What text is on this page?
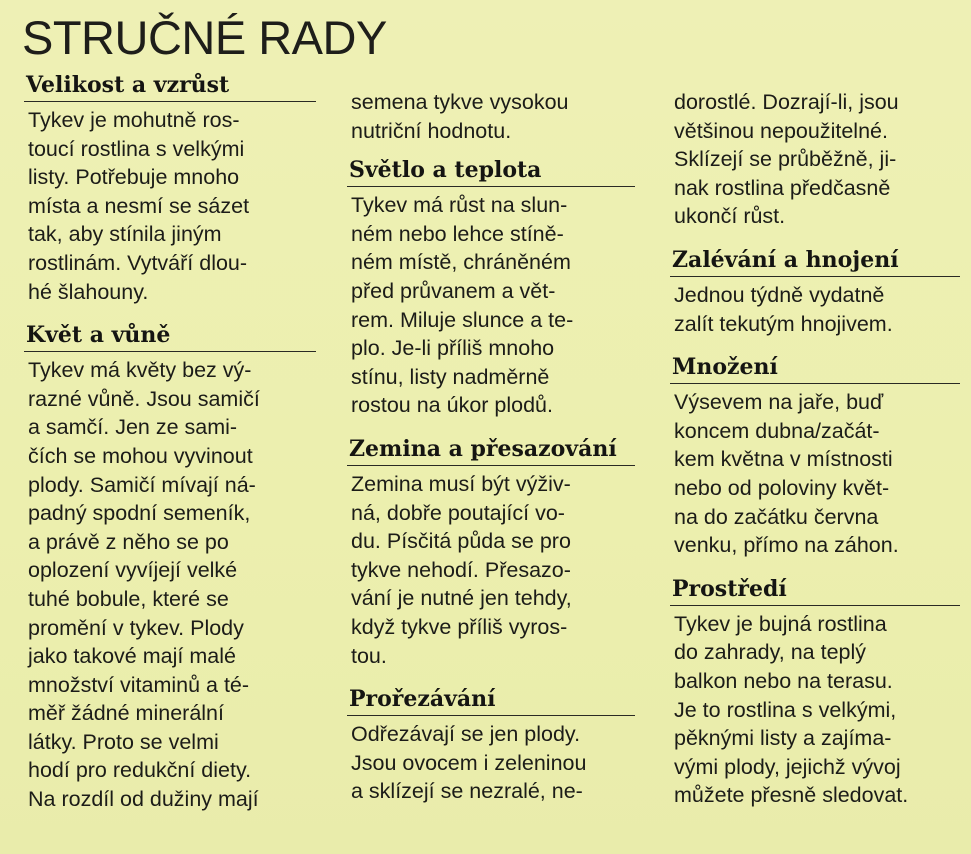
STRUČNÉ RADY
Velikost a vzrůst
Tykev je mohutně ros-
toucí rostlina s velkými
listy. Potřebuje mnoho
místa a nesmí se sázet
tak, aby stínila jiným
rostlinám. Vytváří dlou-
hé šlahouny.
Květ a vůně
Tykev má květy bez vý-
razné vůně. Jsou samičí
a samčí. Jen ze sami-
čích se mohou vyvinout
plody. Samičí mívají ná-
padný spodní semeník,
a právě z něho se po
oplození vyvíjejí velké
tuhé bobule, které se
promění v tykev. Plody
jako takové mají malé
množství vitaminů a té-
měř žádné minerální
látky. Proto se velmi
hodí pro redukční diety.
Na rozdíl od dužiny mají
semena tykve vysokou
nutriční hodnotu.
Světlo a teplota
Tykev má růst na slun-
ném nebo lehce stíně-
ném místě, chráněném
před průvanem a vět-
rem. Miluje slunce a te-
plo. Je-li příliš mnoho
stínu, listy nadměrně
rostou na úkor plodů.
Zemina a přesazování
Zemina musí být výživ-
ná, dobře poutající vo-
du. Písčitá půda se pro
tykve nehodí. Přesazo-
vání je nutné jen tehdy,
když tykve příliš vyros-
tou.
Prořezávání
Odřezávají se jen plody.
Jsou ovocem i zeleninou
a sklízejí se nezralé, ne-
dorostlé. Dozrají-li, jsou
většinou nepoužitelné.
Sklízejí se průběžně, ji-
nak rostlina předčasně
ukončí růst.
Zalévání a hnojení
Jednou týdně vydatně
zalít tekutým hnojivem.
Množení
Výsevem na jaře, buď
koncem dubna/začát-
kem května v místnosti
nebo od poloviny květ-
na do začátku června
venku, přímo na záhon.
Prostředí
Tykev je bujná rostlina
do zahrady, na teplý
balkon nebo na terasu.
Je to rostlina s velkými,
pěknými listy a zajíma-
vými plody, jejichž vývoj
můžete přesně sledovat.
